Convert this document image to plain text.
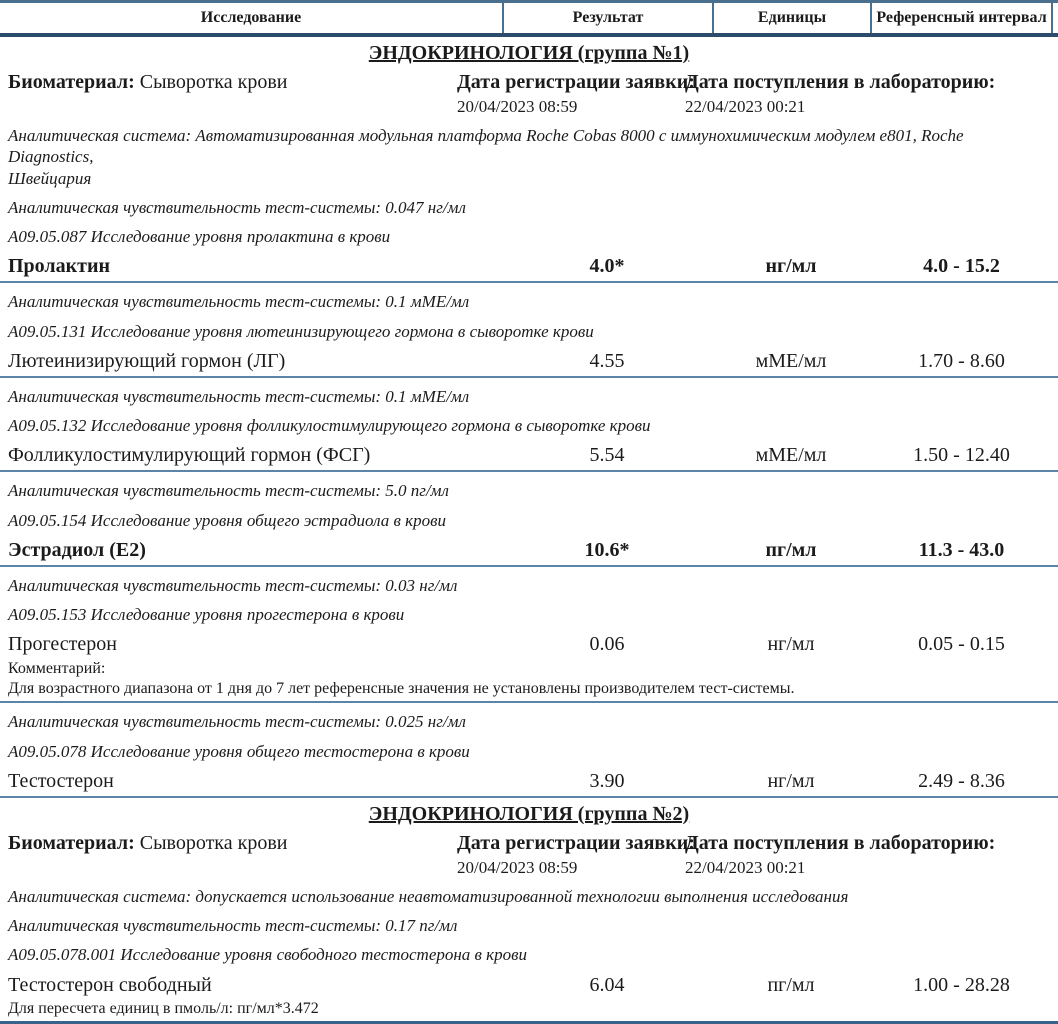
Исследование	Результат	Единицы	Референсный интервал
ЭНДОКРИНОЛОГИЯ (группа №1)
Биоматериал: Сыворотка крови	Дата регистрации заявки:
20/04/2023 08:59
Дата поступления в лабораторию:
22/04/2023 00:21
Аналитическая система: Автоматизированная модульная платформа Roche Cobas 8000 с иммунохимическим модулем е801, Roche Diagnostics,
Швейцария
Аналитическая чувствительность тест-системы: 0.047 нг/мл
А09.05.087 Исследование уровня пролактина в крови
Пролактин	4.0*	нг/мл	4.0 - 15.2
Аналитическая чувствительность тест-системы: 0.1 мМЕ/мл
А09.05.131 Исследование уровня лютеинизирующего гормона в сыворотке крови
Лютеинизирующий гормон (ЛГ)	4.55	мМЕ/мл	1.70 - 8.60
Аналитическая чувствительность тест-системы: 0.1 мМЕ/мл
А09.05.132 Исследование уровня фолликулостимулирующего гормона в сыворотке крови
Фолликулостимулирующий гормон (ФСГ)	5.54	мМЕ/мл	1.50 - 12.40
Аналитическая чувствительность тест-системы: 5.0 пг/мл
А09.05.154 Исследование уровня общего эстрадиола в крови
Эстрадиол (Е2)	10.6*	пг/мл	11.3 - 43.0
Аналитическая чувствительность тест-системы: 0.03 нг/мл
А09.05.153 Исследование уровня прогестерона в крови
Прогестерон	0.06	нг/мл	0.05 - 0.15
Комментарий:
Для возрастного диапазона от 1 дня до 7 лет референсные значения не установлены производителем тест-системы.
Аналитическая чувствительность тест-системы: 0.025 нг/мл
А09.05.078 Исследование уровня общего тестостерона в крови
Тестостерон	3.90	нг/мл	2.49 - 8.36
ЭНДОКРИНОЛОГИЯ (группа №2)
Биоматериал: Сыворотка крови	Дата регистрации заявки:
20/04/2023 08:59
Дата поступления в лабораторию:
22/04/2023 00:21
Аналитическая система: допускается использование неавтоматизированной технологии выполнения исследования
Аналитическая чувствительность тест-системы: 0.17 пг/мл
А09.05.078.001 Исследование уровня свободного тестостерона в крови
Тестостерон свободный	6.04	пг/мл	1.00 - 28.28
Для пересчета единиц в пмоль/л: пг/мл*3.472
